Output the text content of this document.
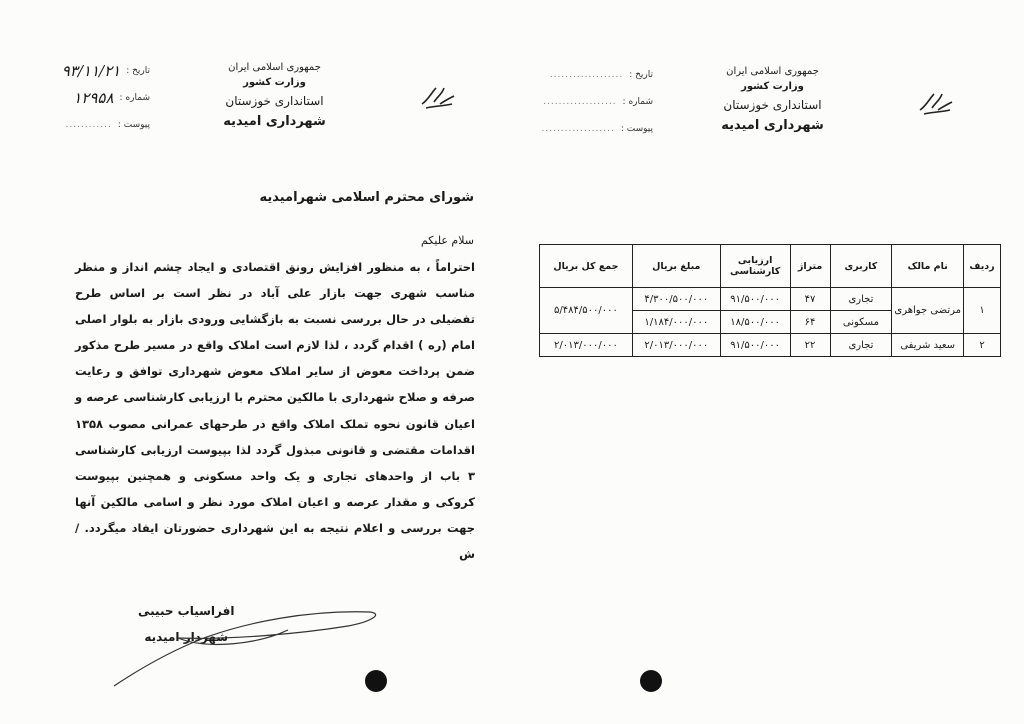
جمهوری اسلامی ایران
وزارت کشور
استانداری خوزستان
شهرداری امیدیه
تاریخ :
۹۳/۱۱/۲۱
شماره :
۱۲۹۵۸
پیوست :
............
جمهوری اسلامی ایران
وزارت کشور
استانداری خوزستان
شهرداری امیدیه
تاریخ :
...................
شماره :
...................
پیوست :
...................
شورای محترم اسلامی شهرامیدیه
سلام علیکم
احتراماً ، به منظور افزایش رونق اقتصادی و ایجاد چشم انداز و منظر مناسب شهری جهت بازار علی آباد در نظر است بر اساس طرح تفضیلی در حال بررسی نسبت به بازگشایی ورودی بازار به بلوار اصلی امام (ره ) اقدام گردد ، لذا لازم است املاک واقع در مسیر طرح مذکور ضمن پرداخت معوض از سایر املاک معوض شهرداری توافق و رعایت صرفه و صلاح شهرداری با مالکین محترم با ارزیابی کارشناسی عرصه و اعیان قانون نحوه تملک املاک واقع در طرحهای عمرانی مصوب ۱۳۵۸ اقدامات مقتضی و قانونی مبذول گردد لذا بپیوست ارزیابی کارشناسی ۳ باب از واحدهای تجاری و یک واحد مسکونی و همچنین بپیوست کروکی و مقدار عرصه و اعیان املاک مورد نظر و اسامی مالکین آنها جهت بررسی و اعلام نتیجه به این شهرداری حضورتان ایفاد میگردد. /ش
ردیف	نام مالک	کاربری	متراژ	ارزیابی کارشناسی	مبلغ بریال	جمع کل بریال
۱	مرتضی جواهری	تجاری	۴۷	۹۱/۵۰۰/۰۰۰	۴/۳۰۰/۵۰۰/۰۰۰	۵/۴۸۴/۵۰۰/۰۰۰
		مسکونی	۶۴	۱۸/۵۰۰/۰۰۰	۱/۱۸۴/۰۰۰/۰۰۰	
۲	سعید شریفی	تجاری	۲۲	۹۱/۵۰۰/۰۰۰	۲/۰۱۳/۰۰۰/۰۰۰	۲/۰۱۳/۰۰۰/۰۰۰
افراسیاب حبیبی
شهردار امیدیه
